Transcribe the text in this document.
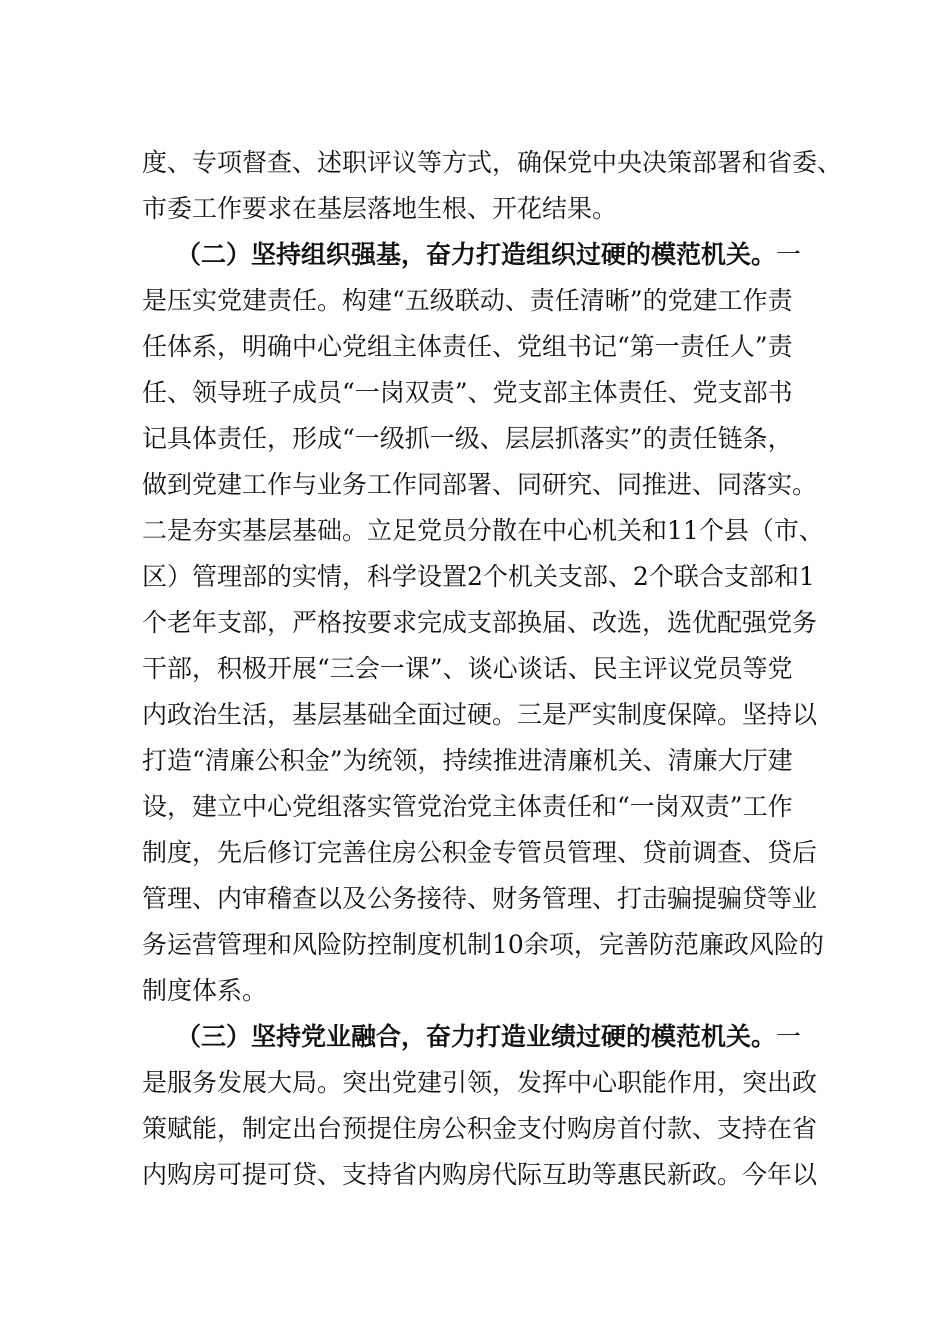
度、专项督查、述职评议等方式，确保党中央决策部署和省委、
市委工作要求在基层落地生根、开花结果。
（二）坚持组织强基，奋力打造组织过硬的模范机关。一
是压实党建责任。构建“五级联动、责任清晰”的党建工作责
任体系，明确中心党组主体责任、党组书记“第一责任人”责
任、领导班子成员“一岗双责”、党支部主体责任、党支部书
记具体责任，形成“一级抓一级、层层抓落实”的责任链条，
做到党建工作与业务工作同部署、同研究、同推进、同落实。
二是夯实基层基础。立足党员分散在中心机关和11个县（市、
区）管理部的实情，科学设置2个机关支部、2个联合支部和1
个老年支部，严格按要求完成支部换届、改选，选优配强党务
干部，积极开展“三会一课”、谈心谈话、民主评议党员等党
内政治生活，基层基础全面过硬。三是严实制度保障。坚持以
打造“清廉公积金”为统领，持续推进清廉机关、清廉大厅建
设，建立中心党组落实管党治党主体责任和“一岗双责”工作
制度，先后修订完善住房公积金专管员管理、贷前调查、贷后
管理、内审稽查以及公务接待、财务管理、打击骗提骗贷等业
务运营管理和风险防控制度机制10余项，完善防范廉政风险的
制度体系。
（三）坚持党业融合，奋力打造业绩过硬的模范机关。一
是服务发展大局。突出党建引领，发挥中心职能作用，突出政
策赋能，制定出台预提住房公积金支付购房首付款、支持在省
内购房可提可贷、支持省内购房代际互助等惠民新政。今年以
